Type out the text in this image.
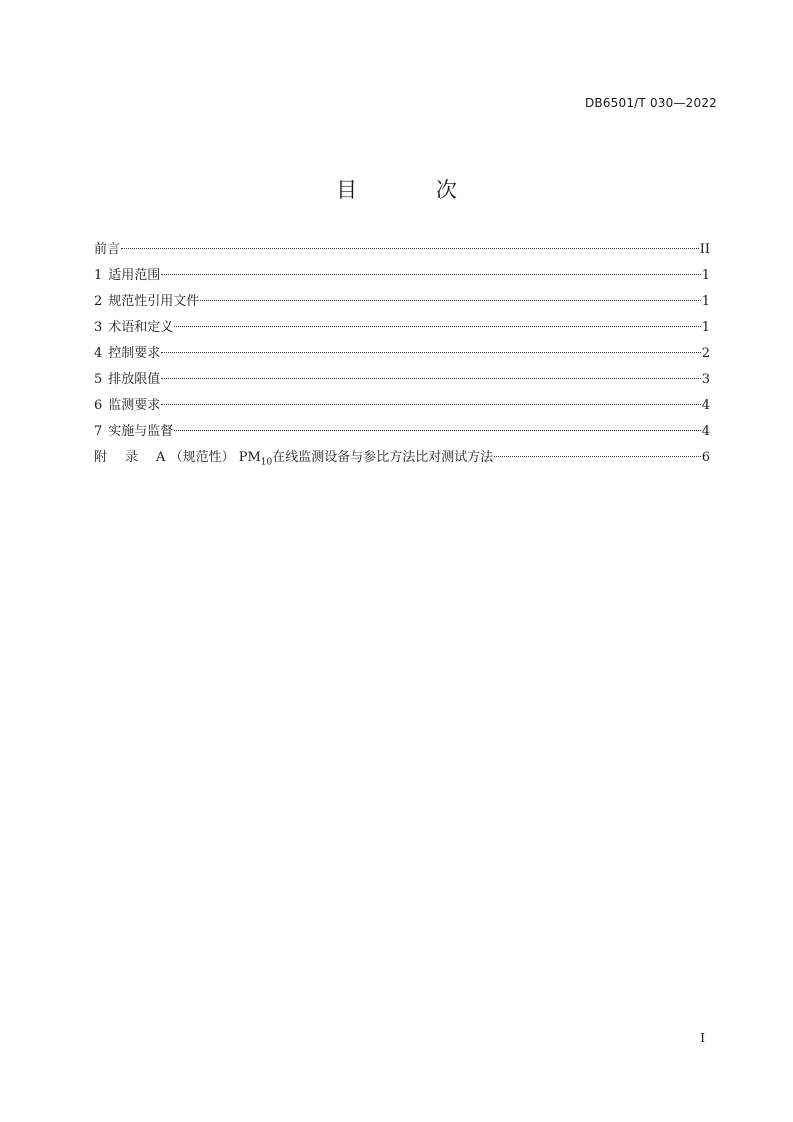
DB6501/T 030—2022
目 次
前言	II
1 适用范围	1
2 规范性引用文件	1
3 术语和定义	1
4 控制要求	2
5 排放限值	3
6 监测要求	4
7 实施与监督	4
附 录 A （规范性） $PM_{10}$在线监测设备与参比方法比对测试方法	6
I
